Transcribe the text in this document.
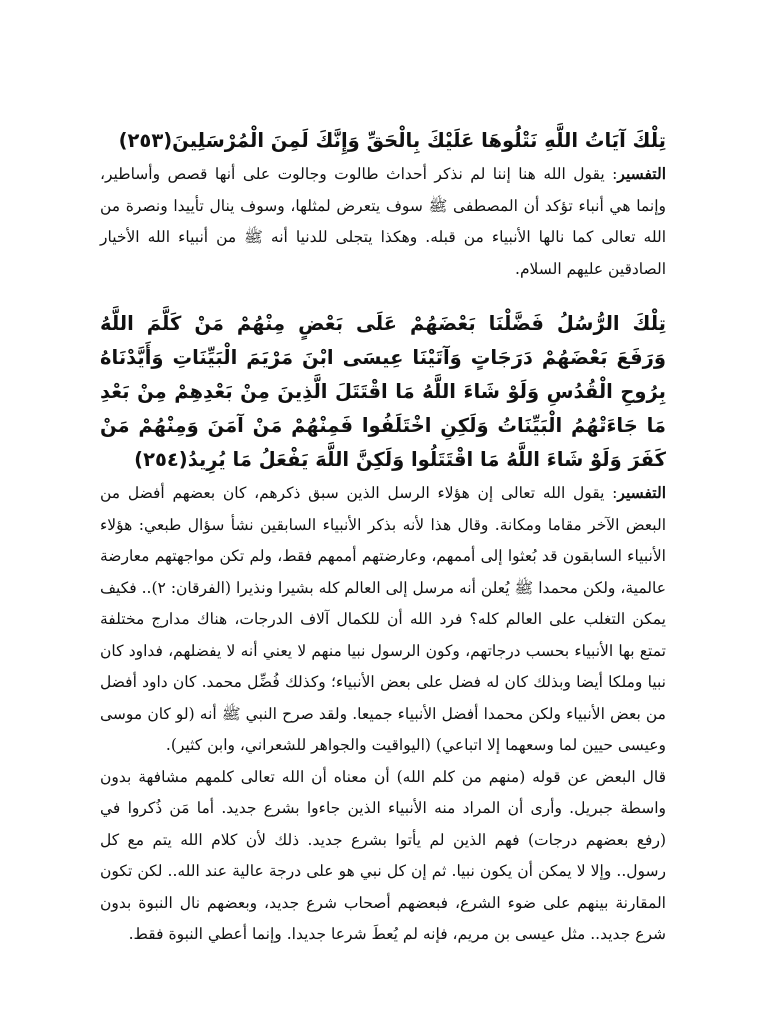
تِلْكَ آيَاتُ اللَّهِ نَتْلُوهَا عَلَيْكَ بِالْحَقِّ وَإِنَّكَ لَمِنَ الْمُرْسَلِينَ(٢٥٣)

التفسير: يقول الله هنا إننا لم نذكر أحداث طالوت وجالوت على أنها قصص وأساطير، وإنما هي أنباء تؤكد أن المصطفى ﷺ سوف يتعرض لمثلها، وسوف ينال تأييدا ونصرة من الله تعالى كما نالها الأنبياء من قبله. وهكذا يتجلى للدنيا أنه ﷺ من أنبياء الله الأخيار الصادقين عليهم السلام.

تِلْكَ الرُّسُلُ فَضَّلْنَا بَعْضَهُمْ عَلَى بَعْضٍ مِنْهُمْ مَنْ كَلَّمَ اللَّهُ وَرَفَعَ بَعْضَهُمْ دَرَجَاتٍ وَآتَيْنَا عِيسَى ابْنَ مَرْيَمَ الْبَيِّنَاتِ وَأَيَّدْنَاهُ بِرُوحِ الْقُدُسِ وَلَوْ شَاءَ اللَّهُ مَا اقْتَتَلَ الَّذِينَ مِنْ بَعْدِهِمْ مِنْ بَعْدِ مَا جَاءَتْهُمُ الْبَيِّنَاتُ وَلَكِنِ اخْتَلَفُوا فَمِنْهُمْ مَنْ آمَنَ وَمِنْهُمْ مَنْ كَفَرَ وَلَوْ شَاءَ اللَّهُ مَا اقْتَتَلُوا وَلَكِنَّ اللَّهَ يَفْعَلُ مَا يُرِيدُ(٢٥٤)

التفسير: يقول الله تعالى إن هؤلاء الرسل الذين سبق ذكرهم، كان بعضهم أفضل من البعض الآخر مقاما ومكانة. وقال هذا لأنه بذكر الأنبياء السابقين نشأ سؤال طبعي: هؤلاء الأنبياء السابقون قد بُعثوا إلى أممهم، وعارضتهم أممهم فقط، ولم تكن مواجهتهم معارضة عالمية، ولكن محمدا ﷺ يُعلن أنه مرسل إلى العالم كله بشيرا ونذيرا (الفرقان: ٢).. فكيف يمكن التغلب على العالم كله؟ فرد الله أن للكمال آلاف الدرجات، هناك مدارج مختلفة تمتع بها الأنبياء بحسب درجاتهم، وكون الرسول نبيا منهم لا يعني أنه لا يفضلهم، فداود كان نبيا وملكا أيضا وبذلك كان له فضل على بعض الأنبياء؛ وكذلك فُضِّل محمد. كان داود أفضل من بعض الأنبياء ولكن محمدا أفضل الأنبياء جميعا. ولقد صرح النبي ﷺ أنه (لو كان موسى وعيسى حيين لما وسعهما إلا اتباعي) (اليواقيت والجواهر للشعراني، وابن كثير).

قال البعض عن قوله (منهم من كلم الله) أن معناه أن الله تعالى كلمهم مشافهة بدون واسطة جبريل. وأرى أن المراد منه الأنبياء الذين جاءوا بشرع جديد. أما مَن ذُكروا في (رفع بعضهم درجات) فهم الذين لم يأتوا بشرع جديد. ذلك لأن كلام الله يتم مع كل رسول.. وإلا لا يمكن أن يكون نبيا. ثم إن كل نبي هو على درجة عالية عند الله.. لكن تكون المقارنة بينهم على ضوء الشرع، فبعضهم أصحاب شرع جديد، وبعضهم نال النبوة بدون شرع جديد.. مثل عيسى بن مريم، فإنه لم يُعطَ شرعا جديدا. وإنما أعطي النبوة فقط.
